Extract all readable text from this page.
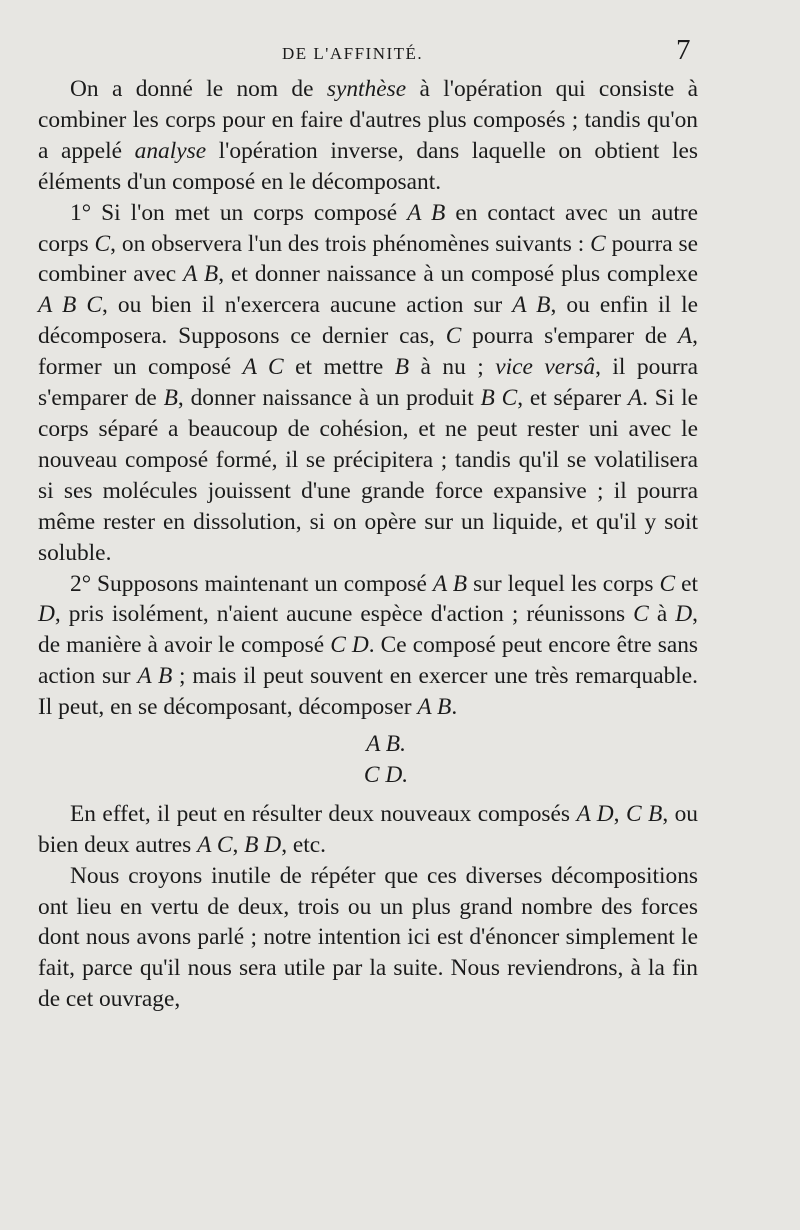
DE L'AFFINITÉ.	7

On a donné le nom de synthèse à l'opération qui consiste à combiner les corps pour en faire d'autres plus composés ; tandis qu'on a appelé analyse l'opération inverse, dans laquelle on obtient les éléments d'un composé en le décomposant.

1° Si l'on met un corps composé A B en contact avec un autre corps C, on observera l'un des trois phénomènes suivants : C pourra se combiner avec A B, et donner naissance à un composé plus complexe A B C, ou bien il n'exercera aucune action sur A B, ou enfin il le décomposera. Supposons ce dernier cas, C pourra s'emparer de A, former un composé A C et mettre B à nu ; vice versâ, il pourra s'emparer de B, donner naissance à un produit B C, et séparer A. Si le corps séparé a beaucoup de cohésion, et ne peut rester uni avec le nouveau composé formé, il se précipitera ; tandis qu'il se volatilisera si ses molécules jouissent d'une grande force expansive ; il pourra même rester en dissolution, si on opère sur un liquide, et qu'il y soit soluble.

2° Supposons maintenant un composé A B sur lequel les corps C et D, pris isolément, n'aient aucune espèce d'action ; réunissons C à D, de manière à avoir le composé C D. Ce composé peut encore être sans action sur A B ; mais il peut souvent en exercer une très remarquable. Il peut, en se décomposant, décomposer A B.

A B.

C D.

En effet, il peut en résulter deux nouveaux composés A D, C B, ou bien deux autres A C, B D, etc.

Nous croyons inutile de répéter que ces diverses décompositions ont lieu en vertu de deux, trois ou un plus grand nombre des forces dont nous avons parlé ; notre intention ici est d'énoncer simplement le fait, parce qu'il nous sera utile par la suite. Nous reviendrons, à la fin de cet ouvrage,
